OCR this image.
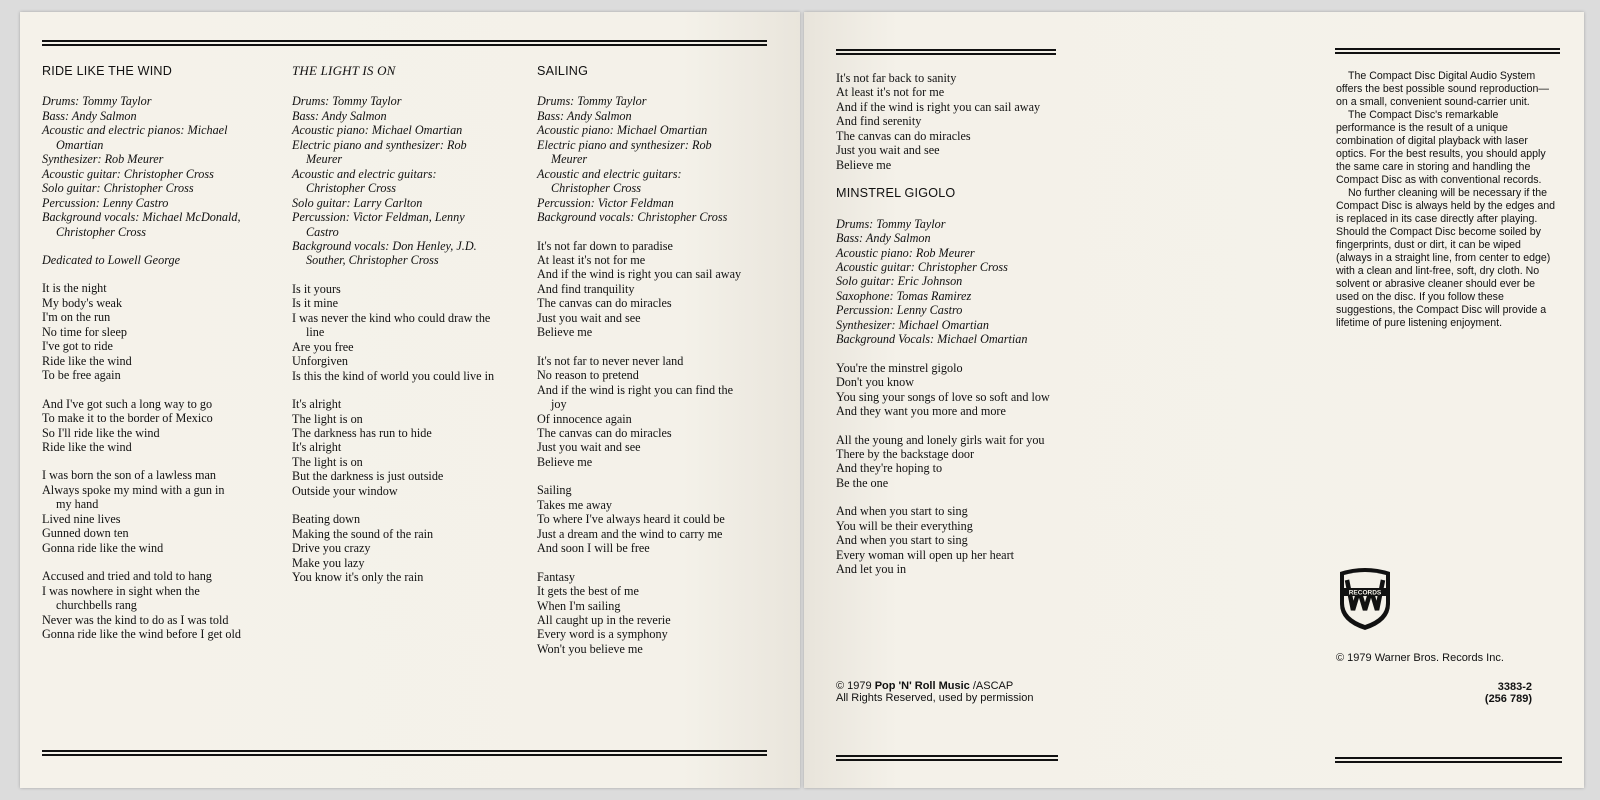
RIDE LIKE THE WIND
Drums: Tommy Taylor
Bass: Andy Salmon
Acoustic and electric pianos: Michael Omartian
Synthesizer: Rob Meurer
Acoustic guitar: Christopher Cross
Solo guitar: Christopher Cross
Percussion: Lenny Castro
Background vocals: Michael McDonald, Christopher Cross
Dedicated to Lowell George
It is the night
My body's weak
I'm on the run
No time for sleep
I've got to ride
Ride like the wind
To be free again
And I've got such a long way to go
To make it to the border of Mexico
So I'll ride like the wind
Ride like the wind
I was born the son of a lawless man
Always spoke my mind with a gun in my hand
Lived nine lives
Gunned down ten
Gonna ride like the wind
Accused and tried and told to hang
I was nowhere in sight when the churchbells rang
Never was the kind to do as I was told
Gonna ride like the wind before I get old
THE LIGHT IS ON
Drums: Tommy Taylor
Bass: Andy Salmon
Acoustic piano: Michael Omartian
Electric piano and synthesizer: Rob Meurer
Acoustic and electric guitars: Christopher Cross
Solo guitar: Larry Carlton
Percussion: Victor Feldman, Lenny Castro
Background vocals: Don Henley, J.D. Souther, Christopher Cross
Is it yours
Is it mine
I was never the kind who could draw the line
Are you free
Unforgiven
Is this the kind of world you could live in
It's alright
The light is on
The darkness has run to hide
It's alright
The light is on
But the darkness is just outside
Outside your window
Beating down
Making the sound of the rain
Drive you crazy
Make you lazy
You know it's only the rain
SAILING
Drums: Tommy Taylor
Bass: Andy Salmon
Acoustic piano: Michael Omartian
Electric piano and synthesizer: Rob Meurer
Acoustic and electric guitars: Christopher Cross
Percussion: Victor Feldman
Background vocals: Christopher Cross
It's not far down to paradise
At least it's not for me
And if the wind is right you can sail away
And find tranquility
The canvas can do miracles
Just you wait and see
Believe me
It's not far to never never land
No reason to pretend
And if the wind is right you can find the joy
Of innocence again
The canvas can do miracles
Just you wait and see
Believe me
Sailing
Takes me away
To where I've always heard it could be
Just a dream and the wind to carry me
And soon I will be free
Fantasy
It gets the best of me
When I'm sailing
All caught up in the reverie
Every word is a symphony
Won't you believe me
It's not far back to sanity
At least it's not for me
And if the wind is right you can sail away
And find serenity
The canvas can do miracles
Just you wait and see
Believe me
MINSTREL GIGOLO
Drums: Tommy Taylor
Bass: Andy Salmon
Acoustic piano: Rob Meurer
Acoustic guitar: Christopher Cross
Solo guitar: Eric Johnson
Saxophone: Tomas Ramirez
Percussion: Lenny Castro
Synthesizer: Michael Omartian
Background Vocals: Michael Omartian
You're the minstrel gigolo
Don't you know
You sing your songs of love so soft and low
And they want you more and more
All the young and lonely girls wait for you
There by the backstage door
And they're hoping to
Be the one
And when you start to sing
You will be their everything
And when you start to sing
Every woman will open up her heart
And let you in
© 1979 Pop 'N' Roll Music /ASCAP
All Rights Reserved, used by permission

The Compact Disc Digital Audio System offers the best possible sound reproduction—on a small, convenient sound-carrier unit.

The Compact Disc's remarkable performance is the result of a unique combination of digital playback with laser optics. For the best results, you should apply the same care in storing and handling the Compact Disc as with conventional records.

No further cleaning will be necessary if the Compact Disc is always held by the edges and is replaced in its case directly after playing. Should the Compact Disc become soiled by fingerprints, dust or dirt, it can be wiped (always in a straight line, from center to edge) with a clean and lint-free, soft, dry cloth. No solvent or abrasive cleaner should ever be used on the disc. If you follow these suggestions, the Compact Disc will provide a lifetime of pure listening enjoyment.

RECORDS
© 1979 Warner Bros. Records Inc.
3383-2
(256 789)
